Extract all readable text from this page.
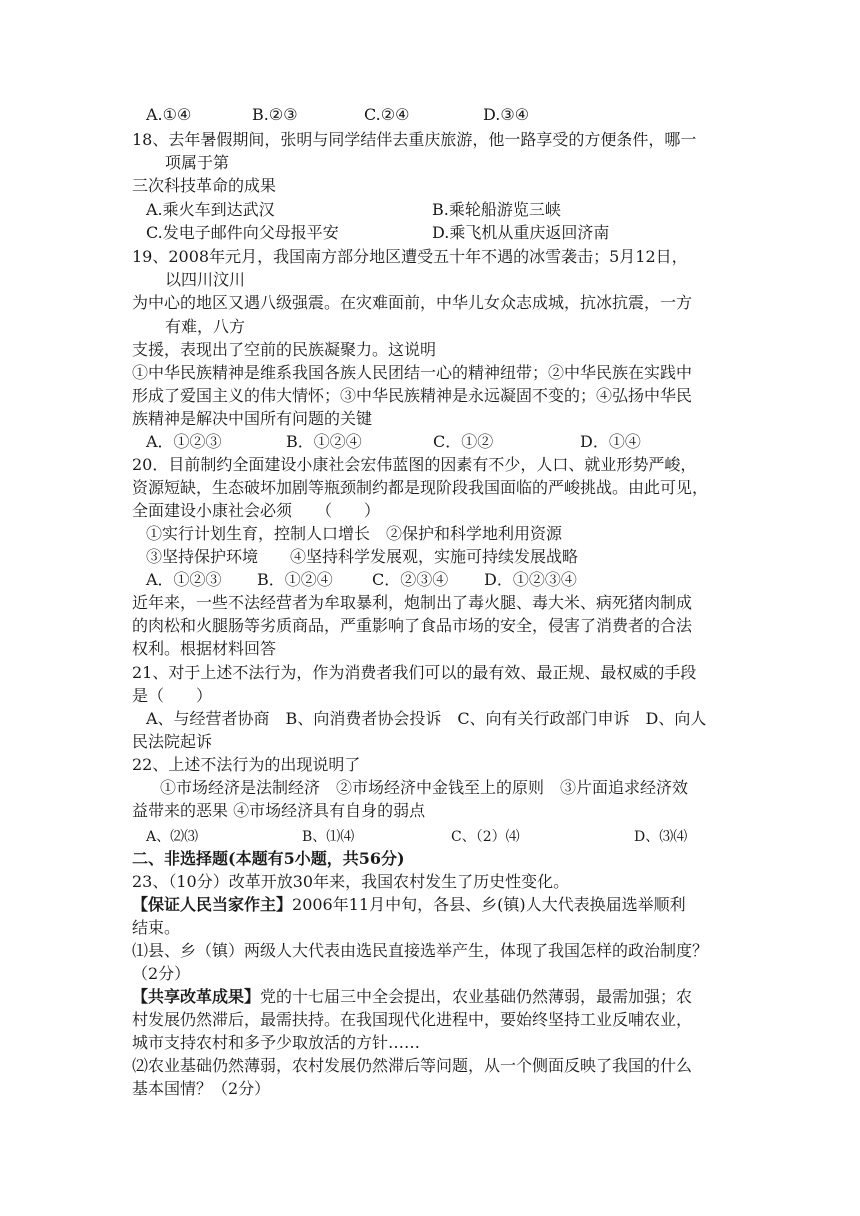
A.①④	B.②③	C.②④	D.③④
18、去年暑假期间，张明与同学结伴去重庆旅游，他一路享受的方便条件，哪一
项属于第
三次科技革命的成果
A.乘火车到达武汉	B.乘轮船游览三峡
C.发电子邮件向父母报平安	D.乘飞机从重庆返回济南
19、2008年元月，我国南方部分地区遭受五十年不遇的冰雪袭击；5月12日，
以四川汶川
为中心的地区又遇八级强震。在灾难面前，中华儿女众志成城，抗冰抗震，一方
有难，八方
支援，表现出了空前的民族凝聚力。这说明
①中华民族精神是维系我国各族人民团结一心的精神纽带；②中华民族在实践中
形成了爱国主义的伟大情怀；③中华民族精神是永远凝固不变的；④弘扬中华民
族精神是解决中国所有问题的关键
A．①②③	B．①②④	C．①②	D．①④
20．目前制约全面建设小康社会宏伟蓝图的因素有不少，人口、就业形势严峻，
资源短缺，生态破坏加剧等瓶颈制约都是现阶段我国面临的严峻挑战。由此可见，
全面建设小康社会必须　　（　　）
①实行计划生育，控制人口增长　②保护和科学地利用资源
③坚持保护环境　　④坚持科学发展观，实施可持续发展战略
A．①②③ B．①②④ C．②③④ D．①②③④
近年来，一些不法经营者为牟取暴利，炮制出了毒火腿、毒大米、病死猪肉制成
的肉松和火腿肠等劣质商品，严重影响了食品市场的安全，侵害了消费者的合法
权利。根据材料回答
21、对于上述不法行为，作为消费者我们可以的最有效、最正规、最权威的手段
是（　　）
A、与经营者协商　B、向消费者协会投诉　C、向有关行政部门申诉　D、向人
民法院起诉
22、上述不法行为的出现说明了
①市场经济是法制经济　②市场经济中金钱至上的原则　③片面追求经济效
益带来的恶果 ④市场经济具有自身的弱点
A、⑵⑶	B、⑴⑷	C、（2）⑷	D、⑶⑷
二、非选择题(本题有5小题，共56分)
23、（10分）改革开放30年来，我国农村发生了历史性变化。
【保证人民当家作主】2006年11月中旬，各县、乡(镇)人大代表换届选举顺利
结束。
⑴县、乡（镇）两级人大代表由选民直接选举产生，体现了我国怎样的政治制度？
（2分）
【共享改革成果】党的十七届三中全会提出，农业基础仍然薄弱，最需加强；农
村发展仍然滞后，最需扶持。在我国现代化进程中，要始终坚持工业反哺农业，
城市支持农村和多予少取放活的方针……
⑵农业基础仍然薄弱，农村发展仍然滞后等问题，从一个侧面反映了我国的什么
基本国情？（2分）
